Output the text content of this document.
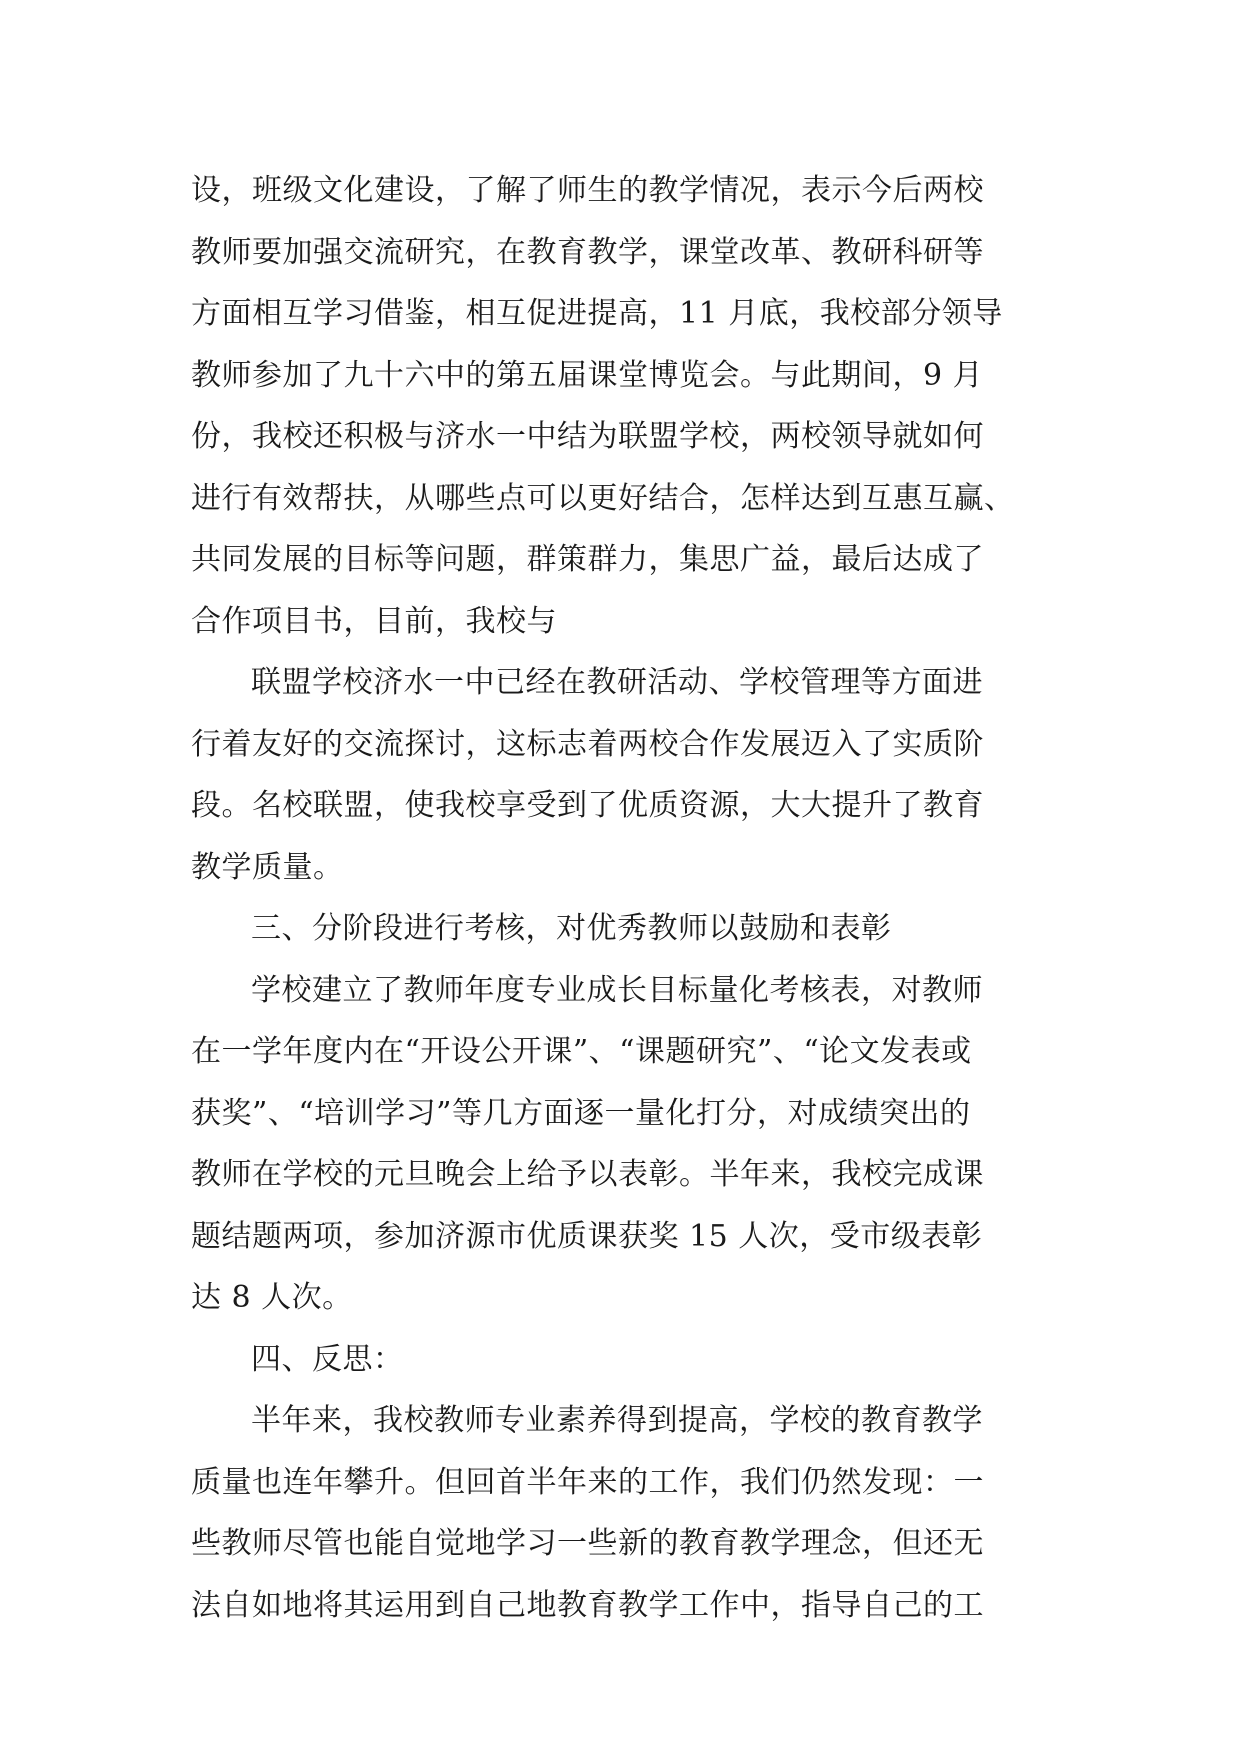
设，班级文化建设，了解了师生的教学情况，表示今后两校
教师要加强交流研究，在教育教学，课堂改革、教研科研等
方面相互学习借鉴，相互促进提高，11 月底，我校部分领导
教师参加了九十六中的第五届课堂博览会。与此期间，9 月
份，我校还积极与济水一中结为联盟学校，两校领导就如何
进行有效帮扶，从哪些点可以更好结合，怎样达到互惠互赢、
共同发展的目标等问题，群策群力，集思广益，最后达成了
合作项目书，目前，我校与
联盟学校济水一中已经在教研活动、学校管理等方面进
行着友好的交流探讨，这标志着两校合作发展迈入了实质阶
段。名校联盟，使我校享受到了优质资源，大大提升了教育
教学质量。
三、分阶段进行考核，对优秀教师以鼓励和表彰
学校建立了教师年度专业成长目标量化考核表，对教师
在一学年度内在“开设公开课”、“课题研究”、“论文发表或
获奖”、“培训学习”等几方面逐一量化打分，对成绩突出的
教师在学校的元旦晚会上给予以表彰。半年来，我校完成课
题结题两项，参加济源市优质课获奖 15 人次，受市级表彰
达 8 人次。
四、反思：
半年来，我校教师专业素养得到提高，学校的教育教学
质量也连年攀升。但回首半年来的工作，我们仍然发现：一
些教师尽管也能自觉地学习一些新的教育教学理念，但还无
法自如地将其运用到自己地教育教学工作中，指导自己的工
